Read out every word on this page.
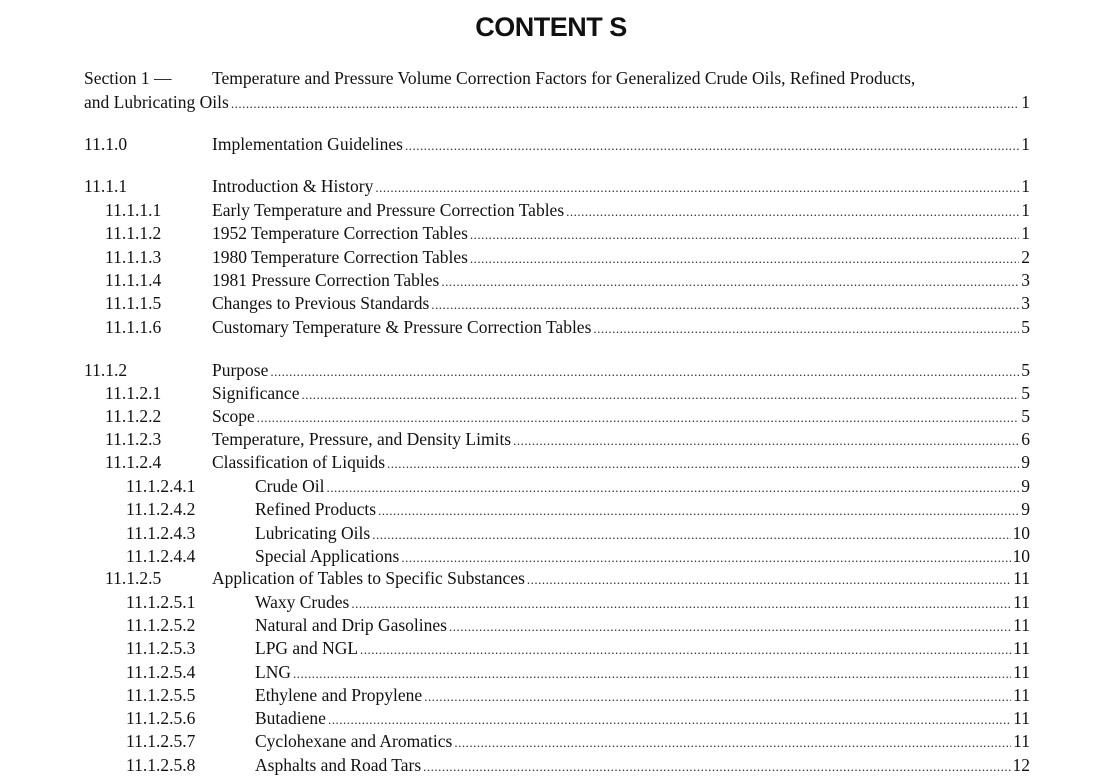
CONTENT S
Section 1 —	Temperature and Pressure Volume Correction Factors for Generalized Crude Oils, Refined Products,
and Lubricating Oils .....	1
11.1.0	Implementation Guidelines .....	1
11.1.1	Introduction & History .....	1
11.1.1.1	Early Temperature and Pressure Correction Tables .....	1
11.1.1.2	1952 Temperature Correction Tables .....	1
11.1.1.3	1980 Temperature Correction Tables .....	2
11.1.1.4	1981 Pressure Correction Tables .....	3
11.1.1.5	Changes to Previous Standards .....	3
11.1.1.6	Customary Temperature & Pressure Correction Tables .....	5
11.1.2	Purpose .....	5
11.1.2.1	Significance .....	5
11.1.2.2	Scope .....	5
11.1.2.3	Temperature, Pressure, and Density Limits .....	6
11.1.2.4	Classification of Liquids .....	9
11.1.2.4.1	Crude Oil .....	9
11.1.2.4.2	Refined Products .....	9
11.1.2.4.3	Lubricating Oils .....	10
11.1.2.4.4	Special Applications .....	10
11.1.2.5	Application of Tables to Specific Substances .....	11
11.1.2.5.1	Waxy Crudes .....	11
11.1.2.5.2	Natural and Drip Gasolines .....	11
11.1.2.5.3	LPG and NGL .....	11
11.1.2.5.4	LNG .....	11
11.1.2.5.5	Ethylene and Propylene .....	11
11.1.2.5.6	Butadiene .....	11
11.1.2.5.7	Cyclohexane and Aromatics .....	11
11.1.2.5.8	Asphalts and Road Tars .....	12
